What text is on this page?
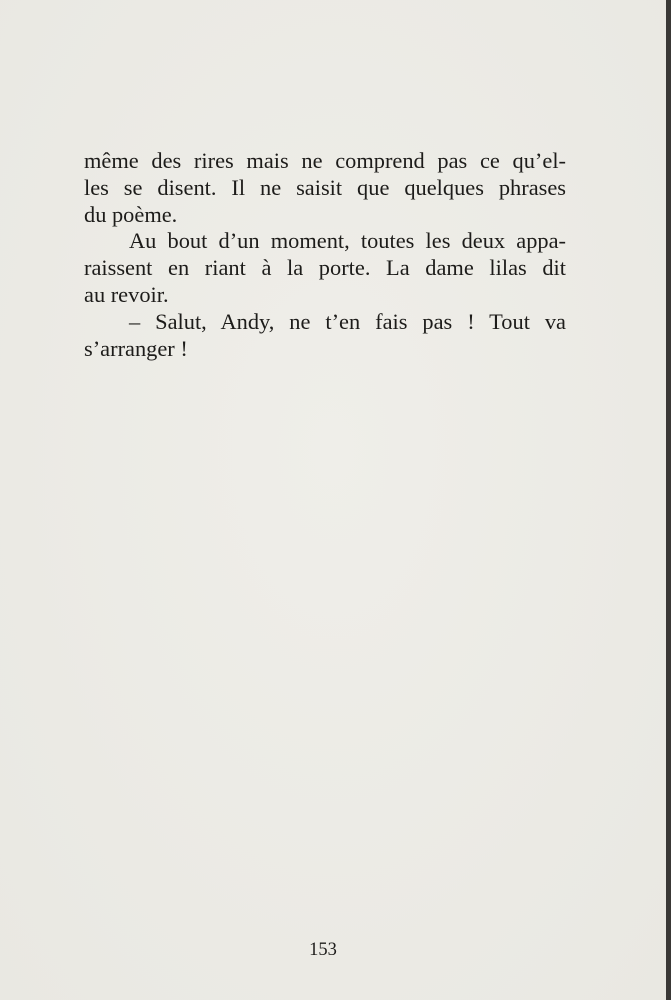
même des rires mais ne comprend pas ce qu’el-
les se disent. Il ne saisit que quelques phrases
du poème.
Au bout d’un moment, toutes les deux appa-
raissent en riant à la porte. La dame lilas dit
au revoir.
– Salut, Andy, ne t’en fais pas ! Tout va
s’arranger !
153
